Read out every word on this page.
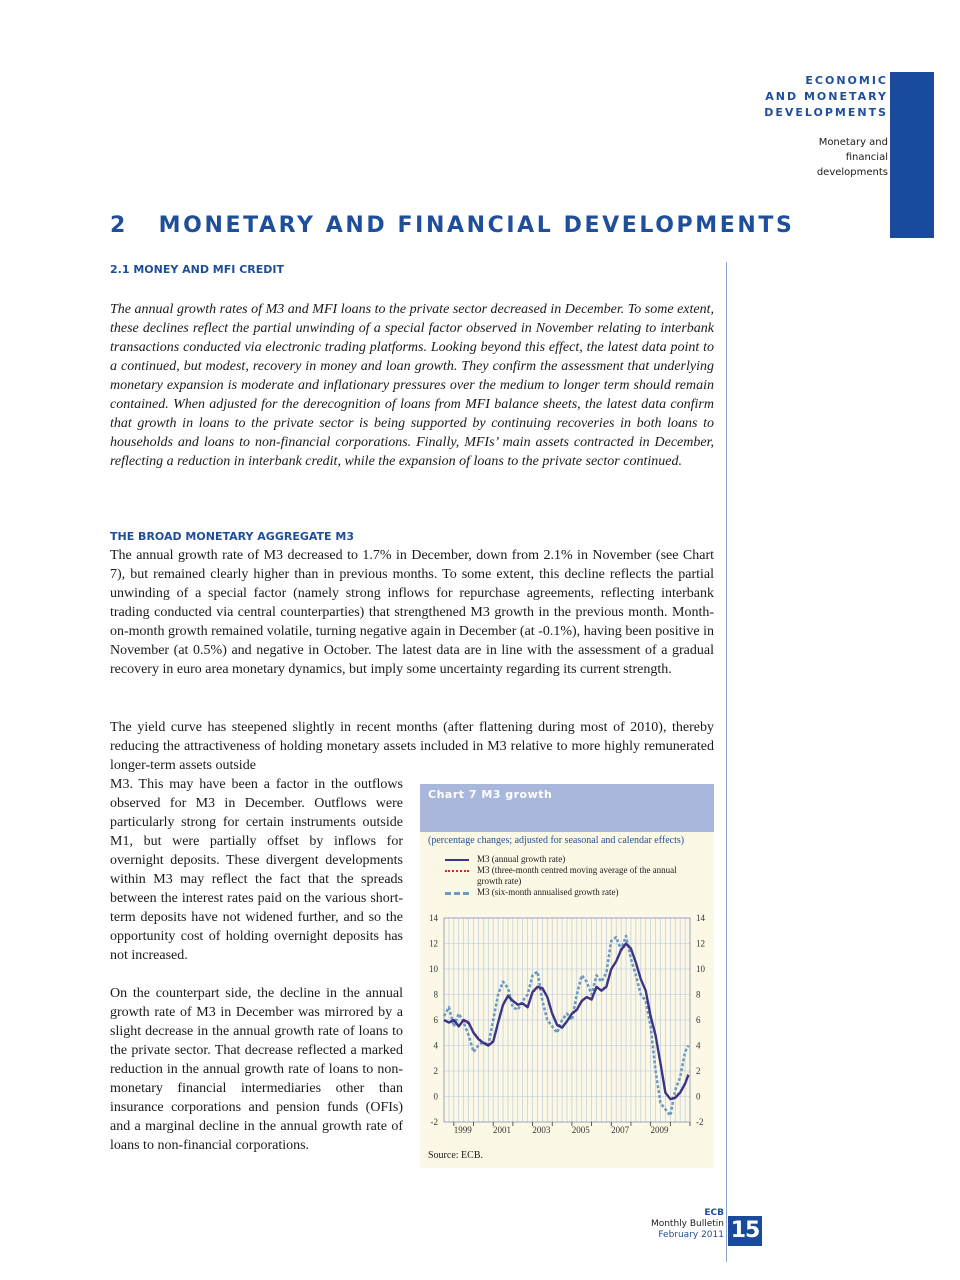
ECONOMIC
AND MONETARY
DEVELOPMENTS
Monetary and
financial
developments
2   MONETARY AND FINANCIAL DEVELOPMENTS
2.1 MONEY AND MFI CREDIT

The annual growth rates of M3 and MFI loans to the private sector decreased in December. To some extent, these declines reflect the partial unwinding of a special factor observed in November relating to interbank transactions conducted via electronic trading platforms. Looking beyond this effect, the latest data point to a continued, but modest, recovery in money and loan growth. They confirm the assessment that underlying monetary expansion is moderate and inflationary pressures over the medium to longer term should remain contained. When adjusted for the derecognition of loans from MFI balance sheets, the latest data confirm that growth in loans to the private sector is being supported by continuing recoveries in both loans to households and loans to non-financial corporations. Finally, MFIs’ main assets contracted in December, reflecting a reduction in interbank credit, while the expansion of loans to the private sector continued.

THE BROAD MONETARY AGGREGATE M3

The annual growth rate of M3 decreased to 1.7% in December, down from 2.1% in November (see Chart 7), but remained clearly higher than in previous months. To some extent, this decline reflects the partial unwinding of a special factor (namely strong inflows for repurchase agreements, reflecting interbank trading conducted via central counterparties) that strengthened M3 growth in the previous month. Month-on-month growth remained volatile, turning negative again in December (at -0.1%), having been positive in November (at 0.5%) and negative in October. The latest data are in line with the assessment of a gradual recovery in euro area monetary dynamics, but imply some uncertainty regarding its current strength.

The yield curve has steepened slightly in recent months (after flattening during most of 2010), thereby reducing the attractiveness of holding monetary assets included in M3 relative to more highly remunerated longer-term assets outside

M3. This may have been a factor in the outflows observed for M3 in December. Outflows were particularly strong for certain instruments outside M1, but were partially offset by inflows for overnight deposits. These divergent developments within M3 may reflect the fact that the spreads between the interest rates paid on the various short-term deposits have not widened further, and so the opportunity cost of holding overnight deposits has not increased.

On the counterpart side, the decline in the annual growth rate of M3 in December was mirrored by a slight decrease in the annual growth rate of loans to the private sector. That decrease reflected a marked reduction in the annual growth rate of loans to non-monetary financial intermediaries other than insurance corporations and pension funds (OFIs) and a marginal decline in the annual growth rate of loans to non-financial corporations.

Chart 7 M3 growth
(percentage changes; adjusted for seasonal and calendar effects)
M3 (annual growth rate)
M3 (three-month centred moving average of the annual growth rate)
M3 (six-month annualised growth rate)
-2	-2
0	0
2	2
4	4
6	6
8	8
10	10
12	12
14	14
1999 2001 2003 2005 2007 2009
Source: ECB.
ECB
Monthly Bulletin
February 2011 15
